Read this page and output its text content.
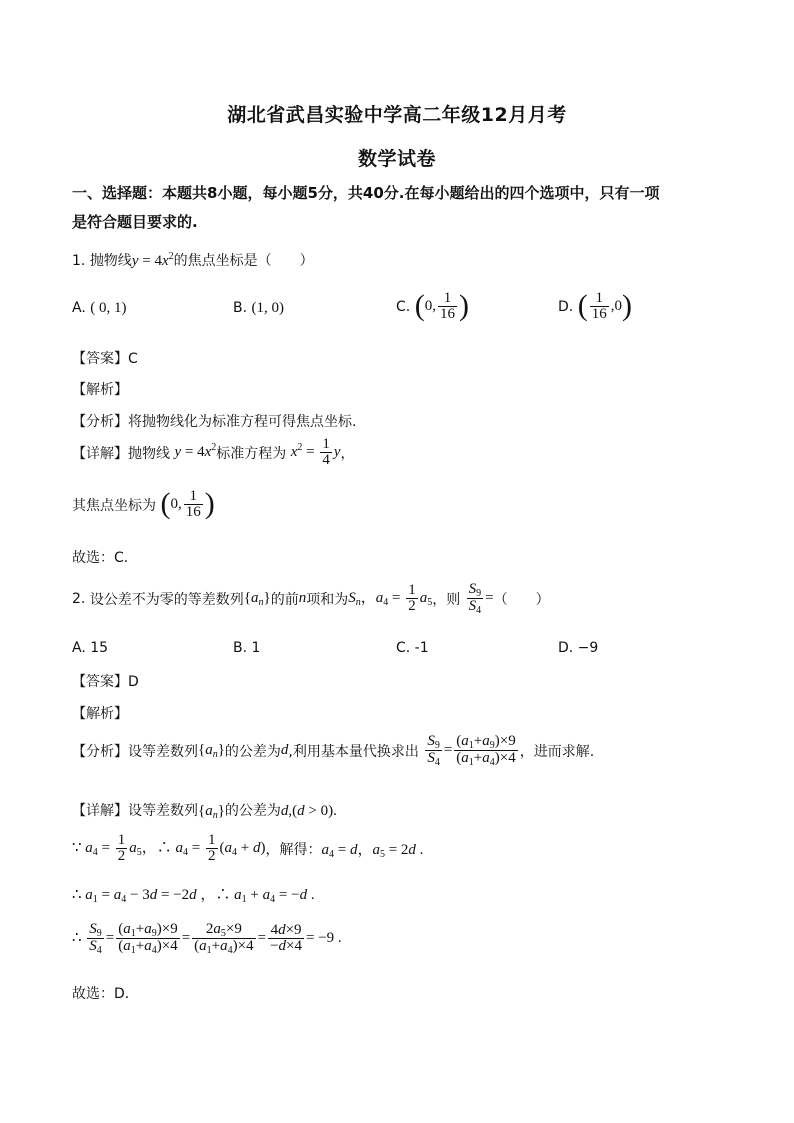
湖北省武昌实验中学高二年级12月月考
数学试卷
一、选择题：本题共8小题，每小题5分，共40分.在每小题给出的四个选项中，只有一项
是符合题目要求的.
1. 抛物线$y = 4x^2$的焦点坐标是（　　）
A. ( 0, 1)	B. (1, 0)	C. (0, $\frac{1}{16}$ )	D. ( $\frac{1}{16} ,0$)
【答案】C
【解析】
【分析】将抛物线化为标准方程可得焦点坐标.
【详解】抛物线 $y = 4x^2$标准方程为 $x^2 = \frac{1}{4}$ y，
其焦点坐标为 (0, $\frac{1}{16}$ )
故选：C.
2. 设公差不为零的等差数列$\{a_n\}$的前n项和为$S_n$，$a_4 = \frac{1}{2} a_5$，则 $\frac{S_9}{S_4}$ =（　　）
A. 15	B. 1	C. -1	D. −9
【答案】D
【解析】
【分析】设等差数列$\{a_n\}$的公差为d,利用基本量代换求出 $\frac{S_9}{S_4} = \frac{(a_1+a_9)\times 9}{(a_1+a_4)\times 4}$ ，进而求解.
【详解】设等差数列$\{a_n\}$的公差为d,(d > 0).
∵ $a_4 = \frac{1}{2} a_5$，∴ $a_4 = \frac{1}{2} (a_4 + d)$，解得：$a_4 = d$，$a_5 = 2d$ .
∴ $a_1 = a_4 - 3d = -2d$ ，∴ $a_1 + a_4 = -d$ .
∴ $\frac{S_9}{S_4} = \frac{(a_1+a_9)\times 9}{(a_1+a_4)\times 4} = \frac{2a_5\times 9}{(a_1+a_4)\times 4} = \frac{4d\times 9}{-d\times 4} = -9$ .
故选：D．
